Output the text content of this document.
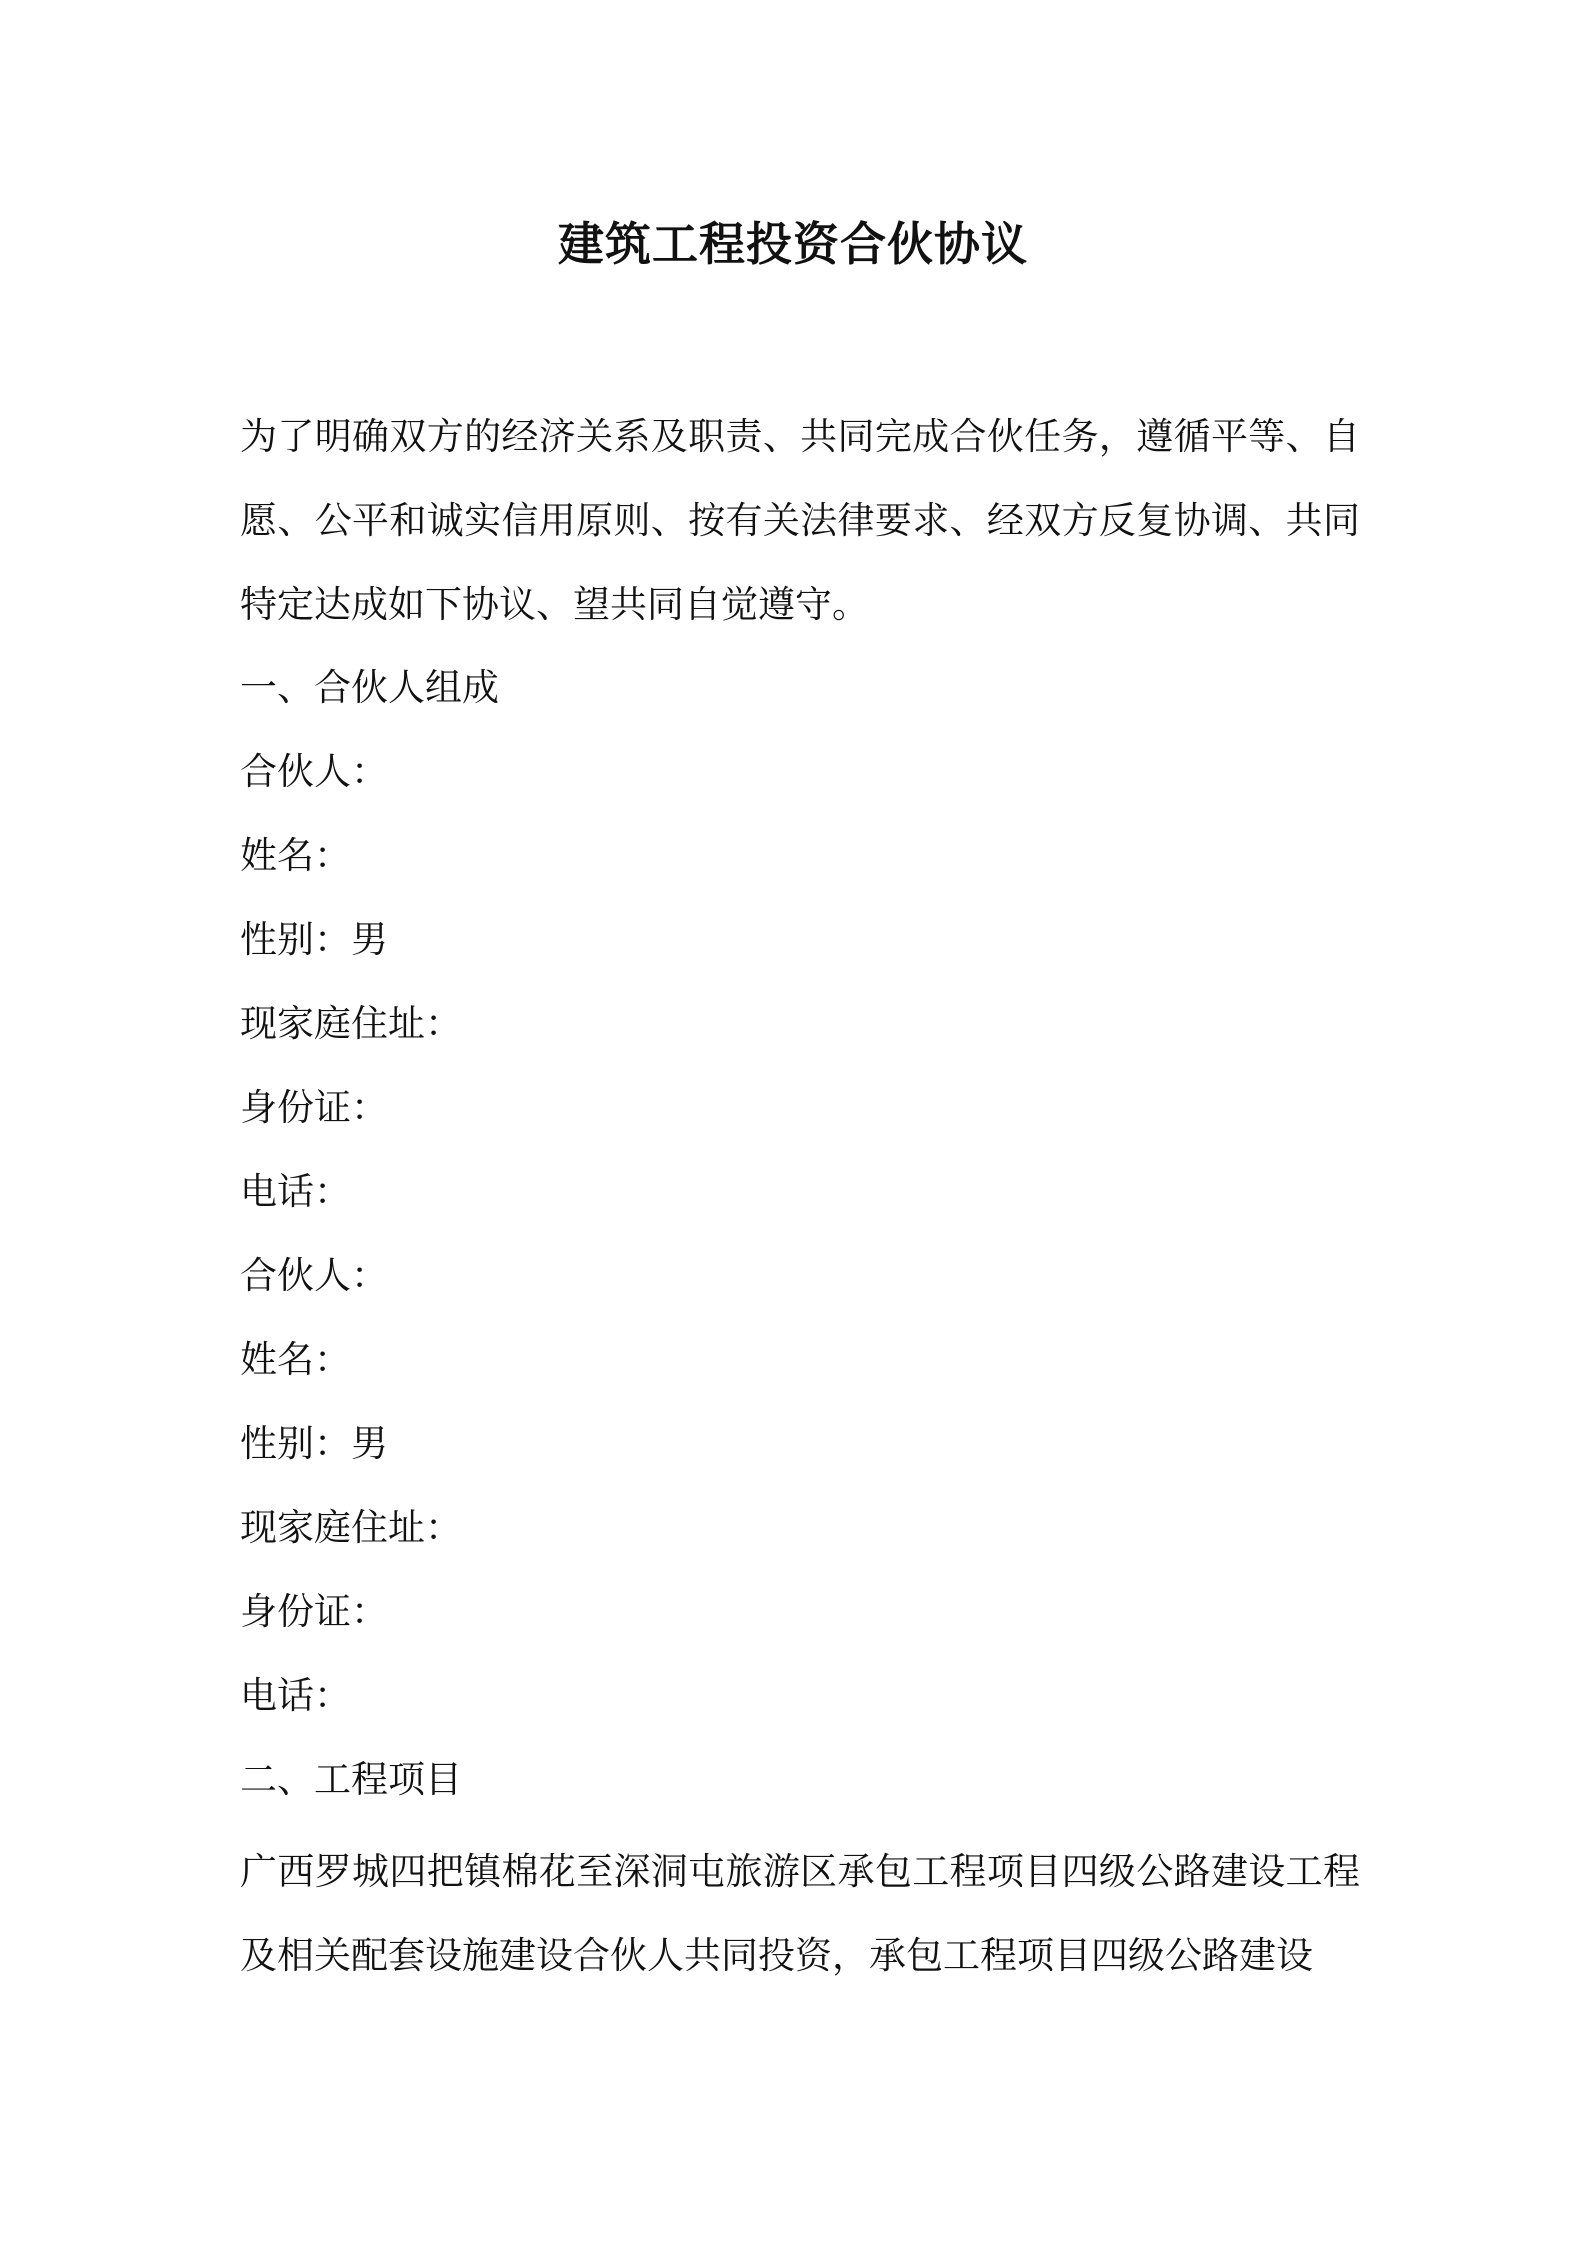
建筑工程投资合伙协议
为了明确双方的经济关系及职责、共同完成合伙任务，遵循平等、自愿、公平和诚实信用原则、按有关法律要求、经双方反复协调、共同特定达成如下协议、望共同自觉遵守。
一、合伙人组成
合伙人：
姓名：
性别：男
现家庭住址：
身份证：
电话：
合伙人：
姓名：
性别：男
现家庭住址：
身份证：
电话：
二、工程项目
广西罗城四把镇棉花至深洞屯旅游区承包工程项目四级公路建设工程及相关配套设施建设合伙人共同投资，承包工程项目四级公路建设
